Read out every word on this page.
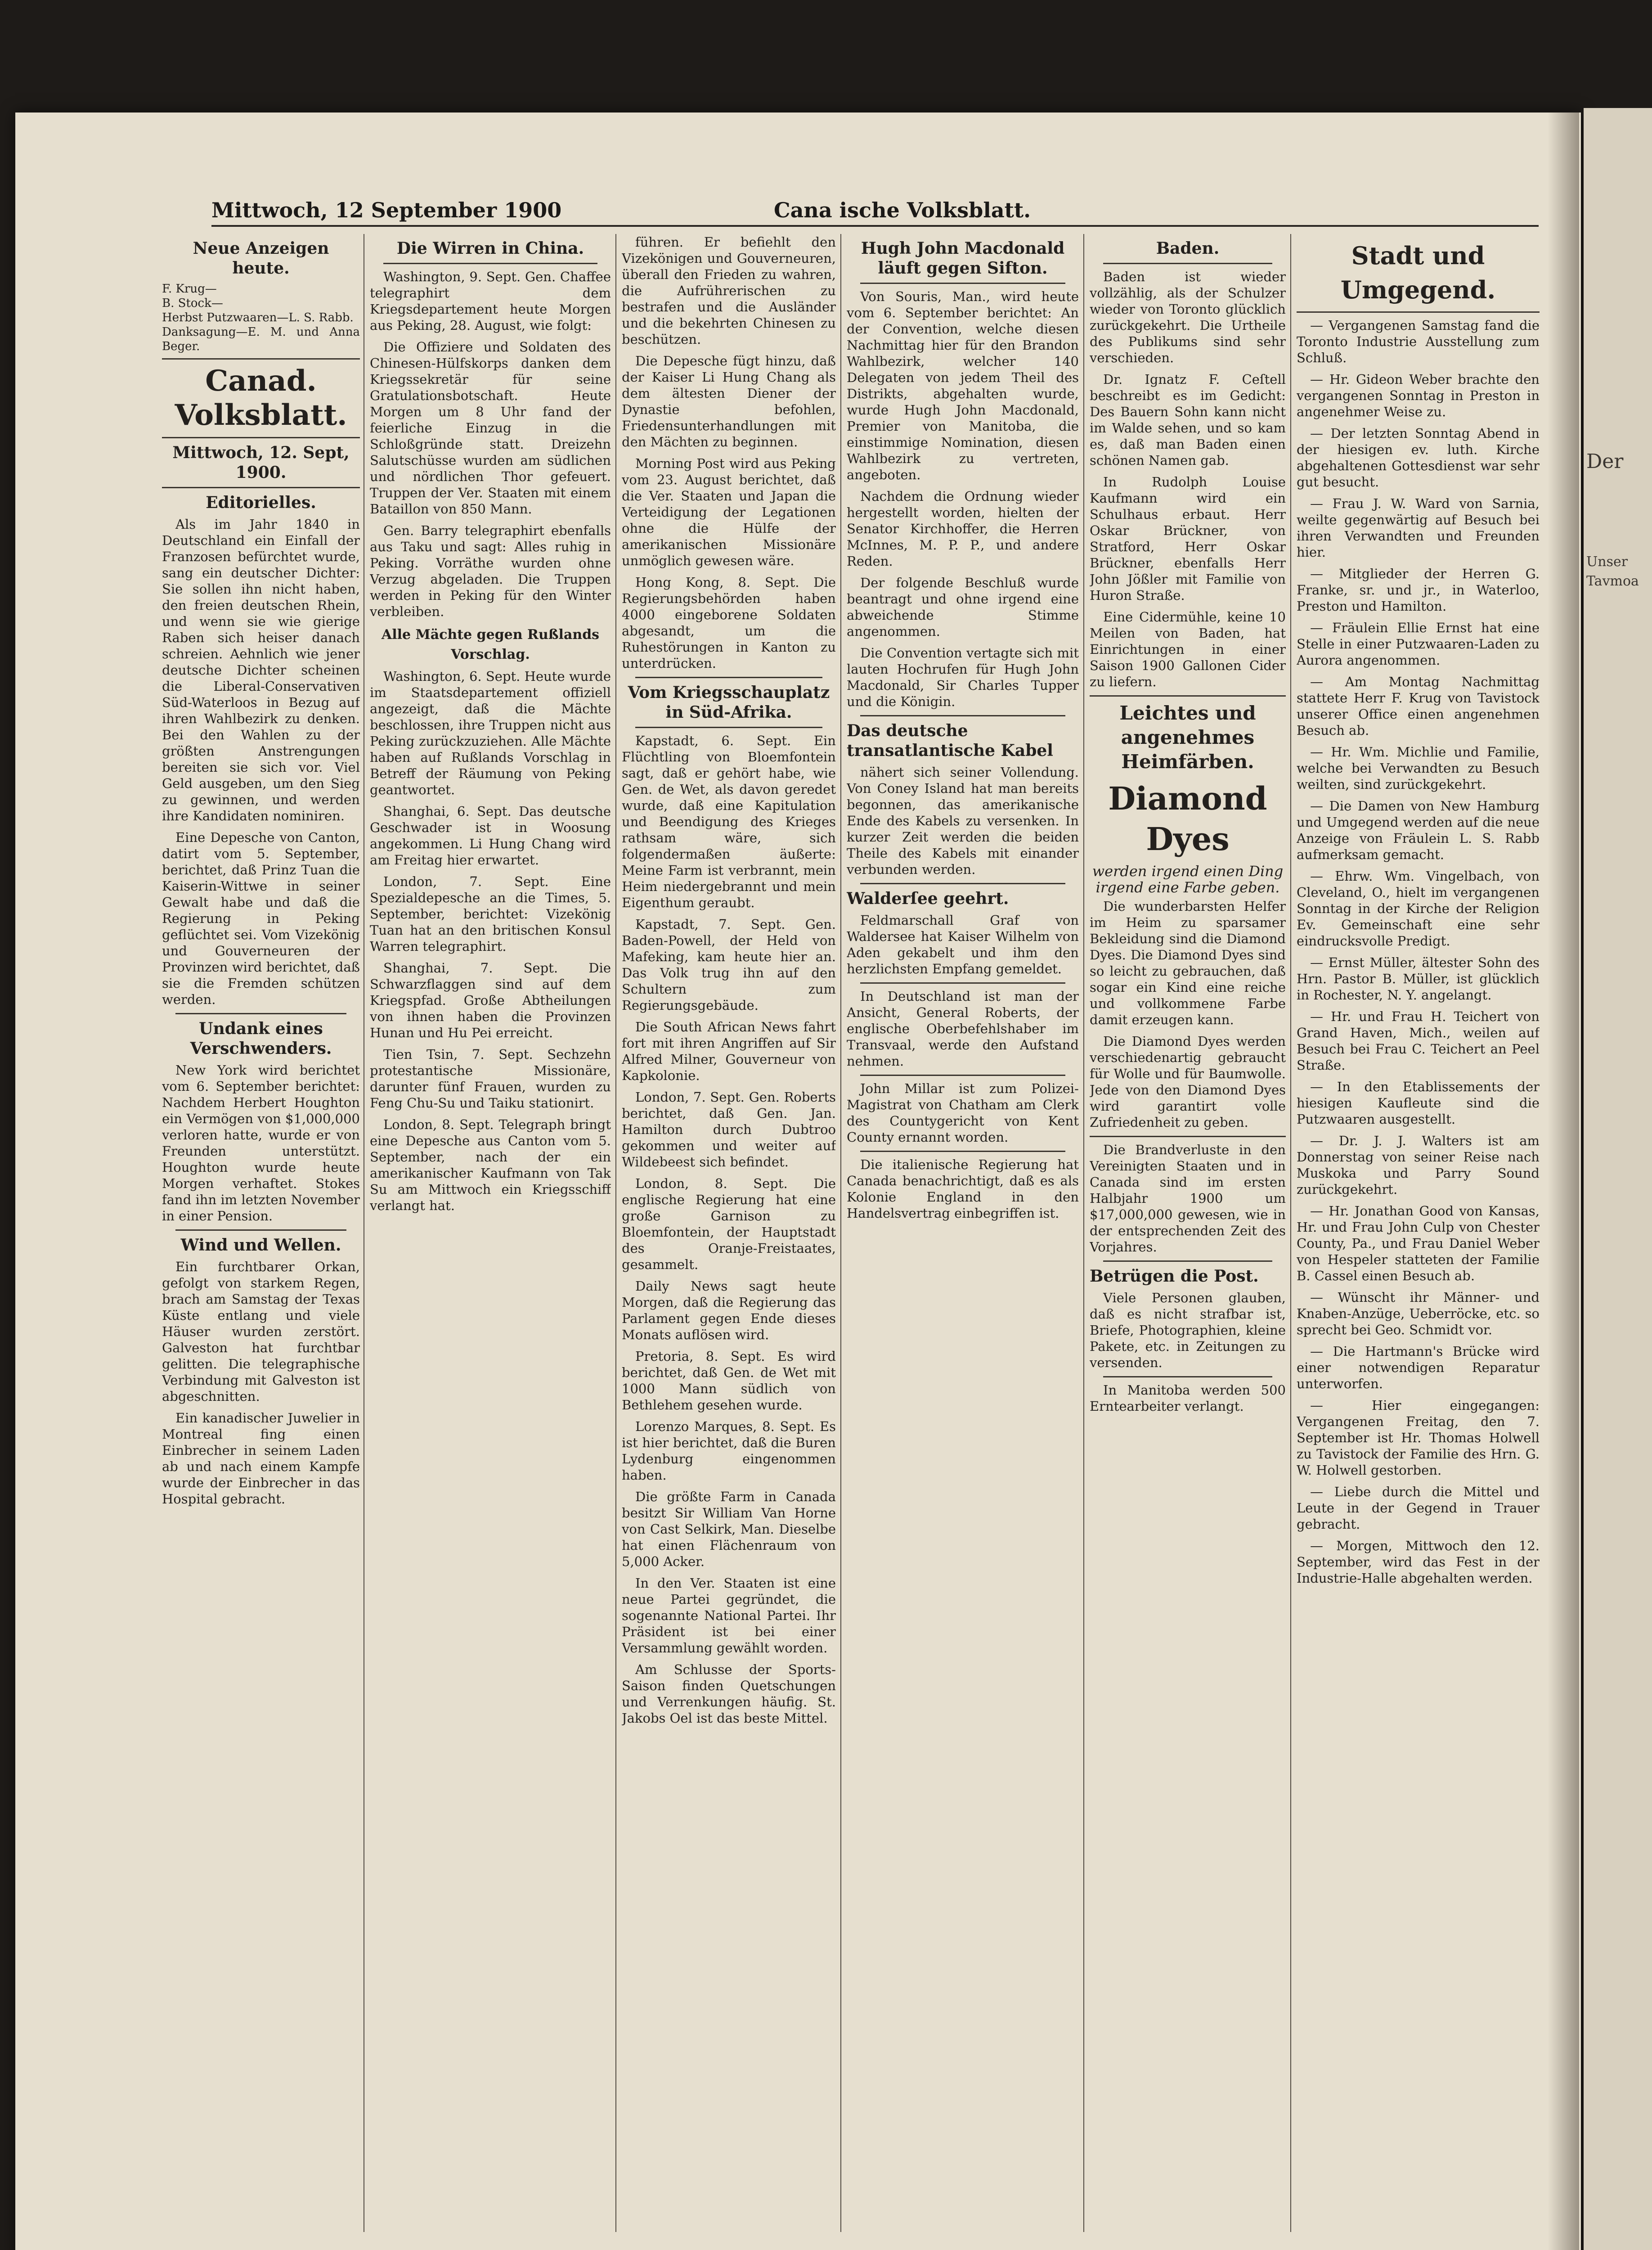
Der
Unser
Tavmoa
Mittwoch, 12 September 1900	Cana ische Volksblatt.
Neue Anzeigen heute.
F. Krug—
B. Stock—
Herbst Putzwaaren—L. S. Rabb.
Danksagung—E. M. und Anna Beger.
Canad. Volksblatt.
Mittwoch, 12. Sept, 1900.
Editorielles.

Als im Jahr 1840 in Deutschland ein Einfall der Franzosen befürchtet wurde, sang ein deutscher Dichter: Sie sollen ihn nicht haben, den freien deutschen Rhein, und wenn sie wie gierige Raben sich heiser danach schreien. Aehnlich wie jener deutsche Dichter scheinen die Liberal-Conservativen Süd-Waterloos in Bezug auf ihren Wahlbezirk zu denken. Bei den Wahlen zu der größten Anstrengungen bereiten sie sich vor. Viel Geld ausgeben, um den Sieg zu gewinnen, und werden ihre Kandidaten nominiren.

Eine Depesche von Canton, datirt vom 5. September, berichtet, daß Prinz Tuan die Kaiserin-Wittwe in seiner Gewalt habe und daß die Regierung in Peking geflüchtet sei. Vom Vizekönig und Gouverneuren der Provinzen wird berichtet, daß sie die Fremden schützen werden.

Undank eines Verschwenders.

New York wird berichtet vom 6. September berichtet: Nachdem Herbert Houghton ein Vermögen von $1,000,000 verloren hatte, wurde er von Freunden unterstützt. Houghton wurde heute Morgen verhaftet. Stokes fand ihn im letzten November in einer Pension.

Wind und Wellen.

Ein furchtbarer Orkan, gefolgt von starkem Regen, brach am Samstag der Texas Küste entlang und viele Häuser wurden zerstört. Galveston hat furchtbar gelitten. Die telegraphische Verbindung mit Galveston ist abgeschnitten.

Ein kanadischer Juwelier in Montreal fing einen Einbrecher in seinem Laden ab und nach einem Kampfe wurde der Einbrecher in das Hospital gebracht.

Die Wirren in China.

Washington, 9. Sept. Gen. Chaffee telegraphirt dem Kriegsdepartement heute Morgen aus Peking, 28. August, wie folgt:

Die Offiziere und Soldaten des Chinesen-Hülfskorps danken dem Kriegssekretär für seine Gratulationsbotschaft. Heute Morgen um 8 Uhr fand der feierliche Einzug in die Schloßgründe statt. Dreizehn Salutschüsse wurden am südlichen und nördlichen Thor gefeuert. Truppen der Ver. Staaten mit einem Bataillon von 850 Mann.

Gen. Barry telegraphirt ebenfalls aus Taku und sagt: Alles ruhig in Peking. Vorräthe wurden ohne Verzug abgeladen. Die Truppen werden in Peking für den Winter verbleiben.

Alle Mächte gegen Rußlands Vorschlag.

Washington, 6. Sept. Heute wurde im Staatsdepartement offiziell angezeigt, daß die Mächte beschlossen, ihre Truppen nicht aus Peking zurückzuziehen. Alle Mächte haben auf Rußlands Vorschlag in Betreff der Räumung von Peking geantwortet.

Shanghai, 6. Sept. Das deutsche Geschwader ist in Woosung angekommen. Li Hung Chang wird am Freitag hier erwartet.

London, 7. Sept. Eine Spezialdepesche an die Times, 5. September, berichtet: Vizekönig Tuan hat an den britischen Konsul Warren telegraphirt.

Shanghai, 7. Sept. Die Schwarzflaggen sind auf dem Kriegspfad. Große Abtheilungen von ihnen haben die Provinzen Hunan und Hu Pei erreicht.

Tien Tsin, 7. Sept. Sechzehn protestantische Missionäre, darunter fünf Frauen, wurden zu Feng Chu-Su und Taiku stationirt.

London, 8. Sept. Telegraph bringt eine Depesche aus Canton vom 5. September, nach der ein amerikanischer Kaufmann von Tak Su am Mittwoch ein Kriegsschiff verlangt hat.

führen. Er befiehlt den Vizekönigen und Gouverneuren, überall den Frieden zu wahren, die Aufrührerischen zu bestrafen und die Ausländer und die bekehrten Chinesen zu beschützen.

Die Depesche fügt hinzu, daß der Kaiser Li Hung Chang als dem ältesten Diener der Dynastie befohlen, Friedensunterhandlungen mit den Mächten zu beginnen.

Morning Post wird aus Peking vom 23. August berichtet, daß die Ver. Staaten und Japan die Verteidigung der Legationen ohne die Hülfe der amerikanischen Missionäre unmöglich gewesen wäre.

Hong Kong, 8. Sept. Die Regierungsbehörden haben 4000 eingeborene Soldaten abgesandt, um die Ruhestörungen in Kanton zu unterdrücken.

Vom Kriegsschauplatz in Süd-Afrika.

Kapstadt, 6. Sept. Ein Flüchtling von Bloemfontein sagt, daß er gehört habe, wie Gen. de Wet, als davon geredet wurde, daß eine Kapitulation und Beendigung des Krieges rathsam wäre, sich folgendermaßen äußerte: Meine Farm ist verbrannt, mein Heim niedergebrannt und mein Eigenthum geraubt.

Kapstadt, 7. Sept. Gen. Baden-Powell, der Held von Mafeking, kam heute hier an. Das Volk trug ihn auf den Schultern zum Regierungsgebäude.

Die South African News fahrt fort mit ihren Angriffen auf Sir Alfred Milner, Gouverneur von Kapkolonie.

London, 7. Sept. Gen. Roberts berichtet, daß Gen. Jan. Hamilton durch Dubtroo gekommen und weiter auf Wildebeest sich befindet.

London, 8. Sept. Die englische Regierung hat eine große Garnison zu Bloemfontein, der Hauptstadt des Oranje-Freistaates, gesammelt.

Daily News sagt heute Morgen, daß die Regierung das Parlament gegen Ende dieses Monats auflösen wird.

Pretoria, 8. Sept. Es wird berichtet, daß Gen. de Wet mit 1000 Mann südlich von Bethlehem gesehen wurde.

Lorenzo Marques, 8. Sept. Es ist hier berichtet, daß die Buren Lydenburg eingenommen haben.

Die größte Farm in Canada besitzt Sir William Van Horne von Cast Selkirk, Man. Dieselbe hat einen Flächenraum von 5,000 Acker.

In den Ver. Staaten ist eine neue Partei gegründet, die sogenannte National Partei. Ihr Präsident ist bei einer Versammlung gewählt worden.

Am Schlusse der Sports-Saison finden Quetschungen und Verrenkungen häufig. St. Jakobs Oel ist das beste Mittel.

Hugh John Macdonald läuft gegen Sifton.

Von Souris, Man., wird heute vom 6. September berichtet: An der Convention, welche diesen Nachmittag hier für den Brandon Wahlbezirk, welcher 140 Delegaten von jedem Theil des Distrikts, abgehalten wurde, wurde Hugh John Macdonald, Premier von Manitoba, die einstimmige Nomination, diesen Wahlbezirk zu vertreten, angeboten.

Nachdem die Ordnung wieder hergestellt worden, hielten der Senator Kirchhoffer, die Herren McInnes, M. P. P., und andere Reden.

Der folgende Beschluß wurde beantragt und ohne irgend eine abweichende Stimme angenommen.

Die Convention vertagte sich mit lauten Hochrufen für Hugh John Macdonald, Sir Charles Tupper und die Königin.

Das deutsche transatlantische Kabel

nähert sich seiner Vollendung. Von Coney Island hat man bereits begonnen, das amerikanische Ende des Kabels zu versenken. In kurzer Zeit werden die beiden Theile des Kabels mit einander verbunden werden.

Walderſee geehrt.

Feldmarschall Graf von Waldersee hat Kaiser Wilhelm von Aden gekabelt und ihm den herzlichsten Empfang gemeldet.

In Deutschland ist man der Ansicht, General Roberts, der englische Oberbefehlshaber im Transvaal, werde den Aufstand nehmen.

John Millar ist zum Polizei-Magistrat von Chatham am Clerk des Countygericht von Kent County ernannt worden.

Die italienische Regierung hat Canada benachrichtigt, daß es als Kolonie England in den Handelsvertrag einbegriffen ist.

Baden.

Baden ist wieder vollzählig, als der Schulzer wieder von Toronto glücklich zurückgekehrt. Die Urtheile des Publikums sind sehr verschieden.

Dr. Ignatz F. Ceſtell beschreibt es im Gedicht: Des Bauern Sohn kann nicht im Walde sehen, und so kam es, daß man Baden einen schönen Namen gab.

In Rudolph Louise Kaufmann wird ein Schulhaus erbaut. Herr Oskar Brückner, von Stratford, Herr Oskar Brückner, ebenfalls Herr John Jößler mit Familie von Huron Straße.

Eine Cidermühle, keine 10 Meilen von Baden, hat Einrichtungen in einer Saison 1900 Gallonen Cider zu liefern.

Leichtes und angenehmes Heimfärben.
Diamond Dyes
werden irgend einen Ding irgend eine Farbe geben.

Die wunderbarsten Helfer im Heim zu sparsamer Bekleidung sind die Diamond Dyes. Die Diamond Dyes sind so leicht zu gebrauchen, daß sogar ein Kind eine reiche und vollkommene Farbe damit erzeugen kann.

Die Diamond Dyes werden verschiedenartig gebraucht für Wolle und für Baumwolle. Jede von den Diamond Dyes wird garantirt volle Zufriedenheit zu geben.

Die Brandverluste in den Vereinigten Staaten und in Canada sind im ersten Halbjahr 1900 um $17,000,000 gewesen, wie in der entsprechenden Zeit des Vorjahres.

Betrügen die Post.

Viele Personen glauben, daß es nicht strafbar ist, Briefe, Photographien, kleine Pakete, etc. in Zeitungen zu versenden.

In Manitoba werden 500 Erntearbeiter verlangt.

Stadt und Umgegend.

— Vergangenen Samstag fand die Toronto Industrie Ausstellung zum Schluß.

— Hr. Gideon Weber brachte den vergangenen Sonntag in Preston in angenehmer Weise zu.

— Der letzten Sonntag Abend in der hiesigen ev. luth. Kirche abgehaltenen Gottesdienst war sehr gut besucht.

— Frau J. W. Ward von Sarnia, weilte gegenwärtig auf Besuch bei ihren Verwandten und Freunden hier.

— Mitglieder der Herren G. Franke, sr. und jr., in Waterloo, Preston und Hamilton.

— Fräulein Ellie Ernst hat eine Stelle in einer Putzwaaren-Laden zu Aurora angenommen.

— Am Montag Nachmittag stattete Herr F. Krug von Tavistock unserer Office einen angenehmen Besuch ab.

— Hr. Wm. Michlie und Familie, welche bei Verwandten zu Besuch weilten, sind zurückgekehrt.

— Die Damen von New Hamburg und Umgegend werden auf die neue Anzeige von Fräulein L. S. Rabb aufmerksam gemacht.

— Ehrw. Wm. Vingelbach, von Cleveland, O., hielt im vergangenen Sonntag in der Kirche der Religion Ev. Gemeinschaft eine sehr eindrucksvolle Predigt.

— Ernst Müller, ältester Sohn des Hrn. Pastor B. Müller, ist glücklich in Rochester, N. Y. angelangt.

— Hr. und Frau H. Teichert von Grand Haven, Mich., weilen auf Besuch bei Frau C. Teichert an Peel Straße.

— In den Etablissements der hiesigen Kaufleute sind die Putzwaaren ausgestellt.

— Dr. J. J. Walters ist am Donnerstag von seiner Reise nach Muskoka und Parry Sound zurückgekehrt.

— Hr. Jonathan Good von Kansas, Hr. und Frau John Culp von Chester County, Pa., und Frau Daniel Weber von Hespeler statteten der Familie B. Cassel einen Besuch ab.

— Wünscht ihr Männer- und Knaben-Anzüge, Ueberröcke, etc. so sprecht bei Geo. Schmidt vor.

— Die Hartmann's Brücke wird einer notwendigen Reparatur unterworfen.

— Hier eingegangen: Vergangenen Freitag, den 7. September ist Hr. Thomas Holwell zu Tavistock der Familie des Hrn. G. W. Holwell gestorben.

— Liebe durch die Mittel und Leute in der Gegend in Trauer gebracht.

— Morgen, Mittwoch den 12. September, wird das Fest in der Industrie-Halle abgehalten werden.
